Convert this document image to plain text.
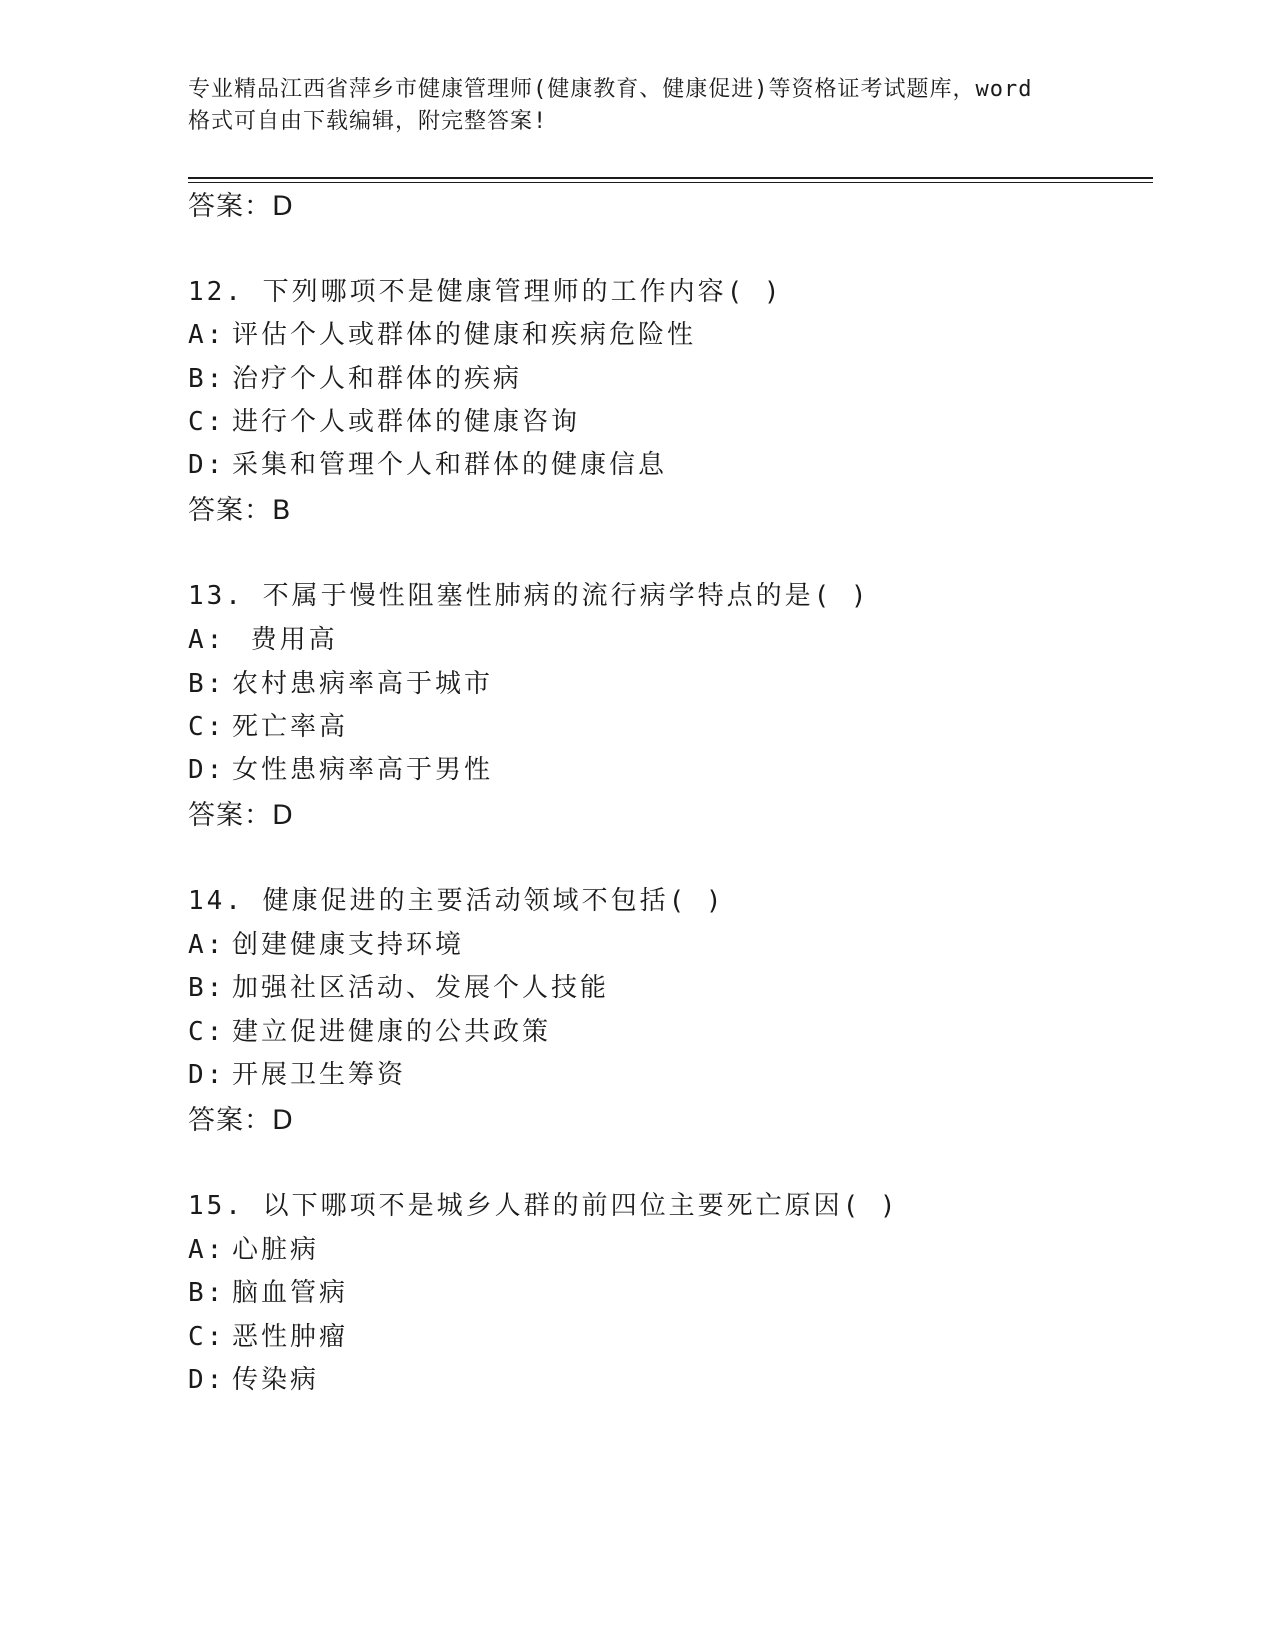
专业精品江西省萍乡市健康管理师(健康教育、健康促进)等资格证考试题库，word
格式可自由下载编辑，附完整答案!
答案：D
12. 下列哪项不是健康管理师的工作内容( )
A: 评估个人或群体的健康和疾病危险性
B: 治疗个人和群体的疾病
C: 进行个人或群体的健康咨询
D: 采集和管理个人和群体的健康信息
答案：B
13. 不属于慢性阻塞性肺病的流行病学特点的是( )
A: 费用高
B: 农村患病率高于城市
C: 死亡率高
D: 女性患病率高于男性
答案：D
14. 健康促进的主要活动领域不包括( )
A: 创建健康支持环境
B: 加强社区活动、发展个人技能
C: 建立促进健康的公共政策
D: 开展卫生筹资
答案：D
15. 以下哪项不是城乡人群的前四位主要死亡原因( )
A: 心脏病
B: 脑血管病
C: 恶性肿瘤
D: 传染病
